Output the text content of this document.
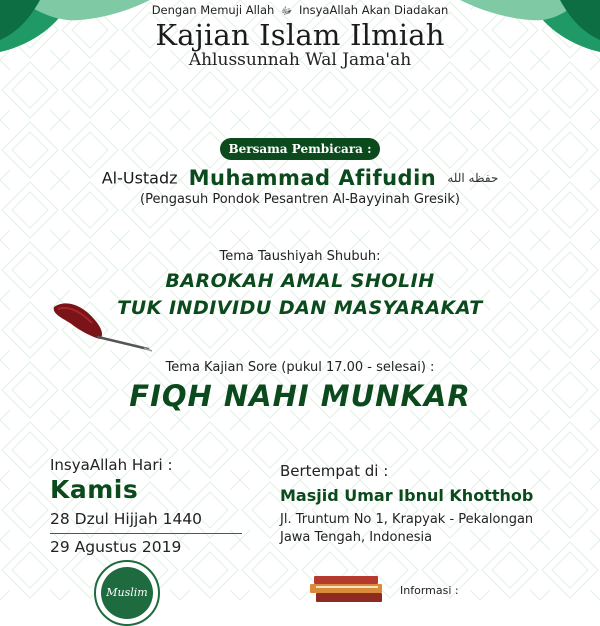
Dengan Memuji Allah ﷻ InsyaAllah Akan Diadakan
Kajian Islam Ilmiah
Ahlussunnah Wal Jama'ah
Bersama Pembicara :
Al-Ustadz Muhammad Afifudin حفظه الله
(Pengasuh Pondok Pesantren Al-Bayyinah Gresik)
Tema Taushiyah Shubuh:
BAROKAH AMAL SHOLIH
TUK INDIVIDU DAN MASYARAKAT
Tema Kajian Sore (pukul 17.00 - selesai) :
FIQH NAHI MUNKAR
InsyaAllah Hari :
Kamis
28 Dzul Hijjah 1440
29 Agustus 2019
Bertempat di :
Masjid Umar Ibnul Khotthob
Jl. Truntum No 1, Krapyak - Pekalongan
Jawa Tengah, Indonesia
Muslim	Informasi :
